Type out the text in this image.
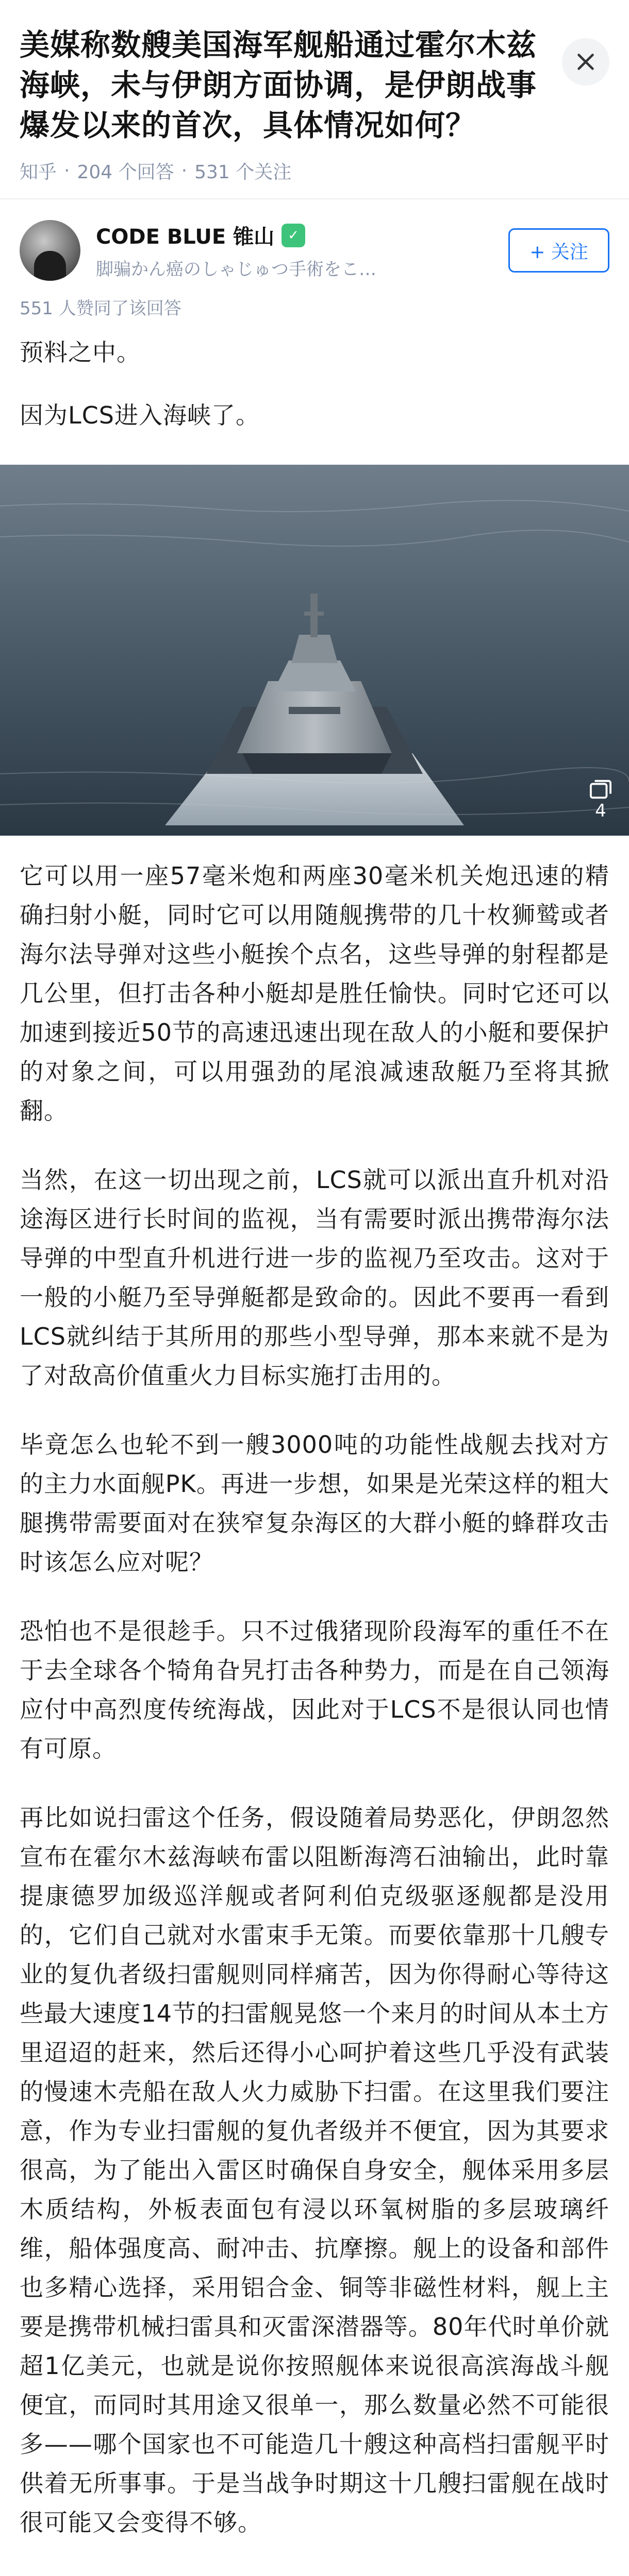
美媒称数艘美国海军舰船通过霍尔木兹海峡，未与伊朗方面协调，是伊朗战事爆发以来的首次，具体情况如何？
知乎 · 204 个回答 · 531 个关注
CODE BLUE 锥山	✓
脚骗かん癌のしゃじゅつ手術をこ…
+ 关注
551 人赞同了该回答

预料之中。

因为LCS进入海峡了。

4

它可以用一座57毫米炮和两座30毫米机关炮迅速的精确扫射小艇，同时它可以用随舰携带的几十枚狮鹫或者海尔法导弹对这些小艇挨个点名，这些导弹的射程都是几公里，但打击各种小艇却是胜任愉快。同时它还可以加速到接近50节的高速迅速出现在敌人的小艇和要保护的对象之间，可以用强劲的尾浪减速敌艇乃至将其掀翻。

当然，在这一切出现之前，LCS就可以派出直升机对沿途海区进行长时间的监视，当有需要时派出携带海尔法导弹的中型直升机进行进一步的监视乃至攻击。这对于一般的小艇乃至导弹艇都是致命的。因此不要再一看到LCS就纠结于其所用的那些小型导弹，那本来就不是为了对敌高价值重火力目标实施打击用的。

毕竟怎么也轮不到一艘3000吨的功能性战舰去找对方的主力水面舰PK。再进一步想，如果是光荣这样的粗大腿携带需要面对在狭窄复杂海区的大群小艇的蜂群攻击时该怎么应对呢？

恐怕也不是很趁手。只不过俄猪现阶段海军的重任不在于去全球各个犄角旮旯打击各种势力，而是在自己领海应付中高烈度传统海战，因此对于LCS不是很认同也情有可原。

再比如说扫雷这个任务，假设随着局势恶化，伊朗忽然宣布在霍尔木兹海峡布雷以阻断海湾石油输出，此时靠提康德罗加级巡洋舰或者阿利伯克级驱逐舰都是没用的，它们自己就对水雷束手无策。而要依靠那十几艘专业的复仇者级扫雷舰则同样痛苦，因为你得耐心等待这些最大速度14节的扫雷舰晃悠一个来月的时间从本土方里迢迢的赶来，然后还得小心呵护着这些几乎没有武装的慢速木壳船在敌人火力威胁下扫雷。在这里我们要注意，作为专业扫雷舰的复仇者级并不便宜，因为其要求很高，为了能出入雷区时确保自身安全，舰体采用多层木质结构，外板表面包有浸以环氧树脂的多层玻璃纤维，船体强度高、耐冲击、抗摩擦。舰上的设备和部件也多精心选择，采用铝合金、铜等非磁性材料，舰上主要是携带机械扫雷具和灭雷深潜器等。80年代时单价就超1亿美元，也就是说你按照舰体来说很高滨海战斗舰便宜，而同时其用途又很单一，那么数量必然不可能很多——哪个国家也不可能造几十艘这种高档扫雷舰平时供着无所事事。于是当战争时期这十几艘扫雷舰在战时很可能又会变得不够。
